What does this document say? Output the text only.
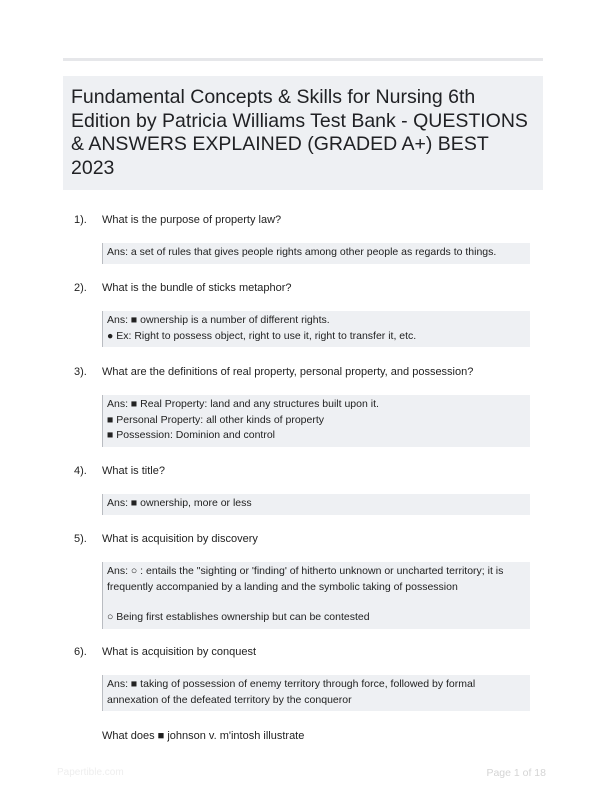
Fundamental Concepts & Skills for Nursing 6th Edition by Patricia Williams Test Bank - QUESTIONS & ANSWERS EXPLAINED (GRADED A+) BEST 2023
1). What is the purpose of property law?

Ans: a set of rules that gives people rights among other people as regards to things.

2). What is the bundle of sticks metaphor?

Ans: ■ ownership is a number of different rights.

● Ex: Right to possess object, right to use it, right to transfer it, etc.

3). What are the definitions of real property, personal property, and possession?

Ans: ■ Real Property: land and any structures built upon it.

■ Personal Property: all other kinds of property

■ Possession: Dominion and control

4). What is title?

Ans: ■ ownership, more or less

5). What is acquisition by discovery

Ans: ○ : entails the "sighting or 'finding' of hitherto unknown or uncharted territory; it is frequently accompanied by a landing and the symbolic taking of possession

○ Being first establishes ownership but can be contested

6). What is acquisition by conquest

Ans: ■ taking of possession of enemy territory through force, followed by formal annexation of the defeated territory by the conqueror

What does ■ johnson v. m'intosh illustrate
Papertible.com	Page 1 of 18
